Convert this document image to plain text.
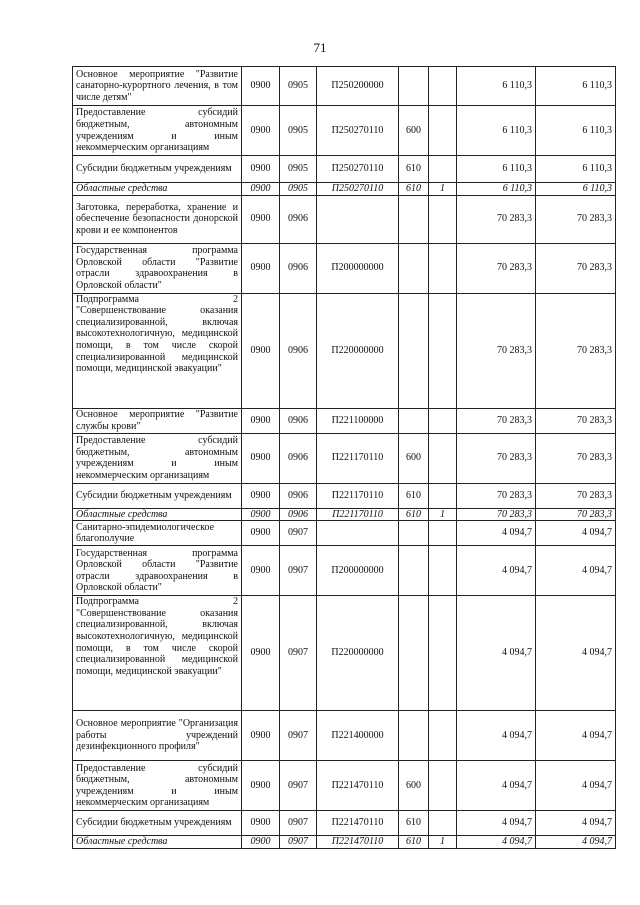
71
Основное мероприятие "Развитие санаторно-курортного лечения, в том числе детям"	0900	0905	П250200000			6 110,3	6 110,3
Предоставление субсидий бюджетным, автономным учреждениям и иным некоммерческим организациям	0900	0905	П250270110	600		6 110,3	6 110,3
Субсидии бюджетным учреждениям	0900	0905	П250270110	610		6 110,3	6 110,3
Областные средства	0900	0905	П250270110	610	1	6 110,3	6 110,3
Заготовка, переработка, хранение и обеспечение безопасности донорской крови и ее компонентов	0900	0906				70 283,3	70 283,3
Государственная программа Орловской области "Развитие отрасли здравоохранения в Орловской области"	0900	0906	П200000000			70 283,3	70 283,3
Подпрограмма 2 "Совершенствование оказания специализированной, включая высокотехнологичную, медицинской помощи, в том числе скорой специализированной медицинской помощи, медицинской эвакуации"	0900	0906	П220000000			70 283,3	70 283,3
Основное мероприятие "Развитие службы крови"	0900	0906	П221100000			70 283,3	70 283,3
Предоставление субсидий бюджетным, автономным учреждениям и иным некоммерческим организациям	0900	0906	П221170110	600		70 283,3	70 283,3
Субсидии бюджетным учреждениям	0900	0906	П221170110	610		70 283,3	70 283,3
Областные средства	0900	0906	П221170110	610	1	70 283,3	70 283,3
Санитарно-эпидемиологическое благополучие	0900	0907				4 094,7	4 094,7
Государственная программа Орловской области "Развитие отрасли здравоохранения в Орловской области"	0900	0907	П200000000			4 094,7	4 094,7
Подпрограмма 2 "Совершенствование оказания специализированной, включая высокотехнологичную, медицинской помощи, в том числе скорой специализированной медицинской помощи, медицинской эвакуации"	0900	0907	П220000000			4 094,7	4 094,7
Основное мероприятие "Организация работы учреждений дезинфекционного профиля"	0900	0907	П221400000			4 094,7	4 094,7
Предоставление субсидий бюджетным, автономным учреждениям и иным некоммерческим организациям	0900	0907	П221470110	600		4 094,7	4 094,7
Субсидии бюджетным учреждениям	0900	0907	П221470110	610		4 094,7	4 094,7
Областные средства	0900	0907	П221470110	610	1	4 094,7	4 094,7
